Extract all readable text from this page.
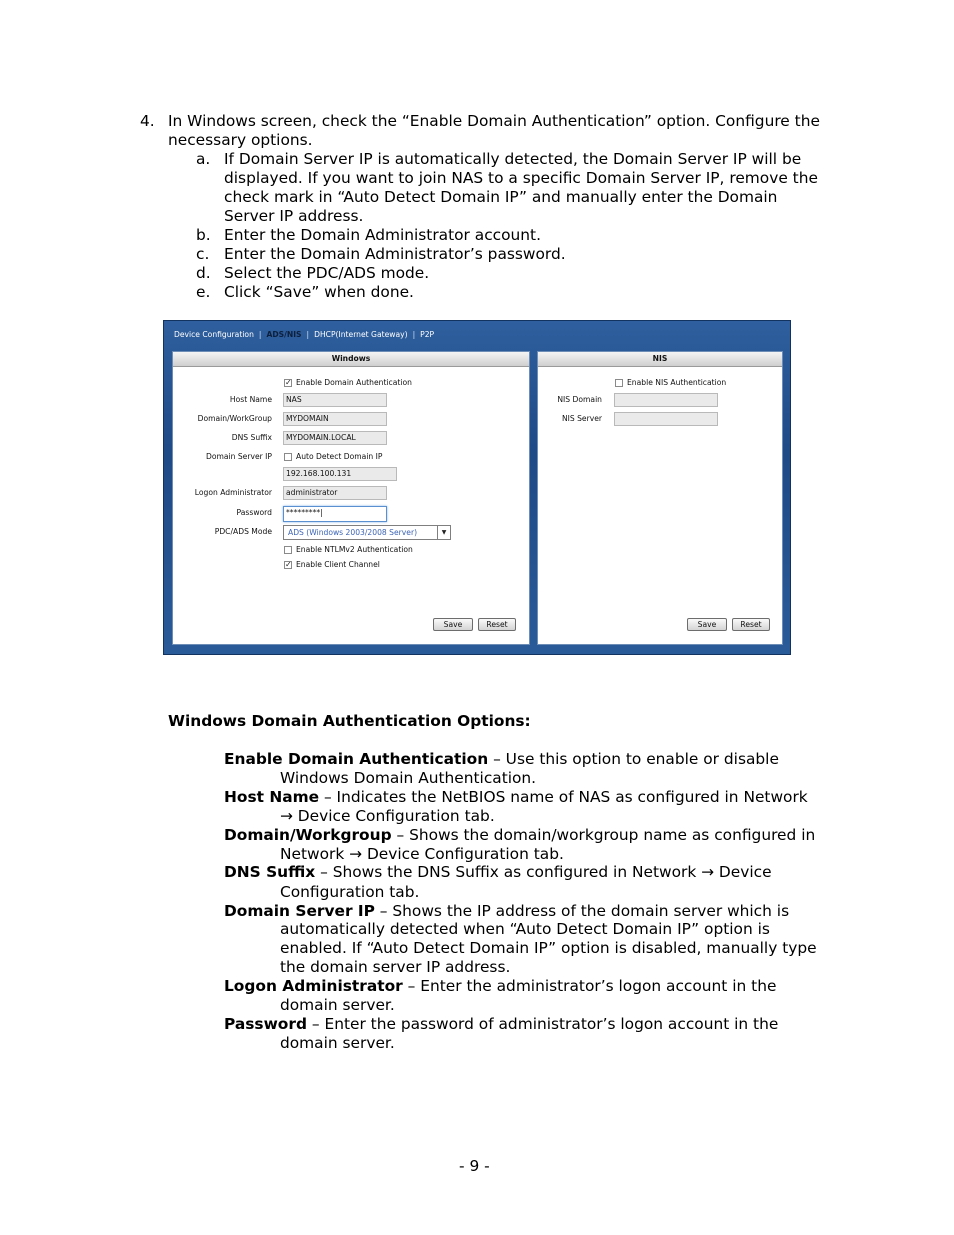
4. In Windows screen, check the “Enable Domain Authentication” option. Configure the
necessary options.
a. If Domain Server IP is automatically detected, the Domain Server IP will be
displayed. If you want to join NAS to a specific Domain Server IP, remove the
check mark in “Auto Detect Domain IP” and manually enter the Domain
Server IP address.
b. Enter the Domain Administrator account.
c. Enter the Domain Administrator’s password.
d. Select the PDC/ADS mode.
e. Click “Save” when done.
Device Configuration | ADS/NIS | DHCP(Internet Gateway) | P2P
Windows
✓ Enable Domain Authentication
Host Name	NAS
Domain/WorkGroup	MYDOMAIN
DNS Suffix	MYDOMAIN.LOCAL
Domain Server IP	Auto Detect Domain IP
192.168.100.131
Logon Administrator	administrator
Password	*********|
PDC/ADS Mode	ADS (Windows 2003/2008 Server)	▼
Enable NTLMv2 Authentication
✓ Enable Client Channel
Save	Reset
NIS
Enable NIS Authentication
NIS Domain
NIS Server
Save	Reset
Windows Domain Authentication Options:
Enable Domain Authentication – Use this option to enable or disable
Windows Domain Authentication.
Host Name – Indicates the NetBIOS name of NAS as configured in Network
→ Device Configuration tab.
Domain/Workgroup – Shows the domain/workgroup name as configured in
Network → Device Configuration tab.
DNS Suffix – Shows the DNS Suffix as configured in Network → Device
Configuration tab.
Domain Server IP – Shows the IP address of the domain server which is
automatically detected when “Auto Detect Domain IP” option is
enabled. If “Auto Detect Domain IP” option is disabled, manually type
the domain server IP address.
Logon Administrator – Enter the administrator’s logon account in the
domain server.
Password – Enter the password of administrator’s logon account in the
domain server.
- 9 -
